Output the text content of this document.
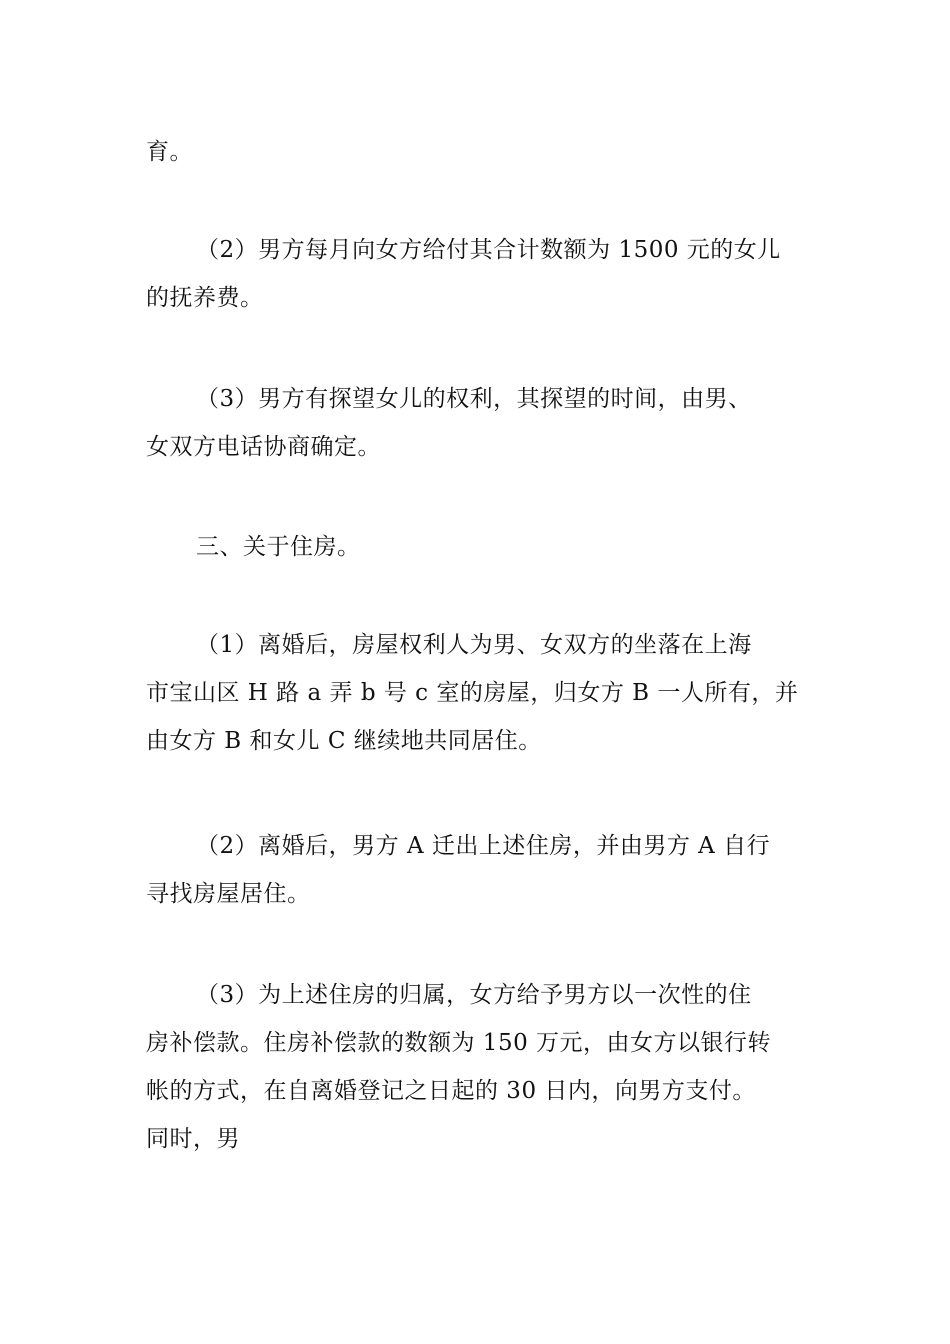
育。

（2）男方每月向女方给付其合计数额为 1500 元的女儿
的抚养费。

（3）男方有探望女儿的权利，其探望的时间，由男、
女双方电话协商确定。

三、关于住房。

（1）离婚后，房屋权利人为男、女双方的坐落在上海
市宝山区 H 路 a 弄 b 号 c 室的房屋，归女方 B 一人所有，并
由女方 B 和女儿 C 继续地共同居住。

（2）离婚后，男方 A 迁出上述住房，并由男方 A 自行
寻找房屋居住。

（3）为上述住房的归属，女方给予男方以一次性的住
房补偿款。住房补偿款的数额为 150 万元，由女方以银行转
帐的方式，在自离婚登记之日起的 30 日内，向男方支付。
同时，男
